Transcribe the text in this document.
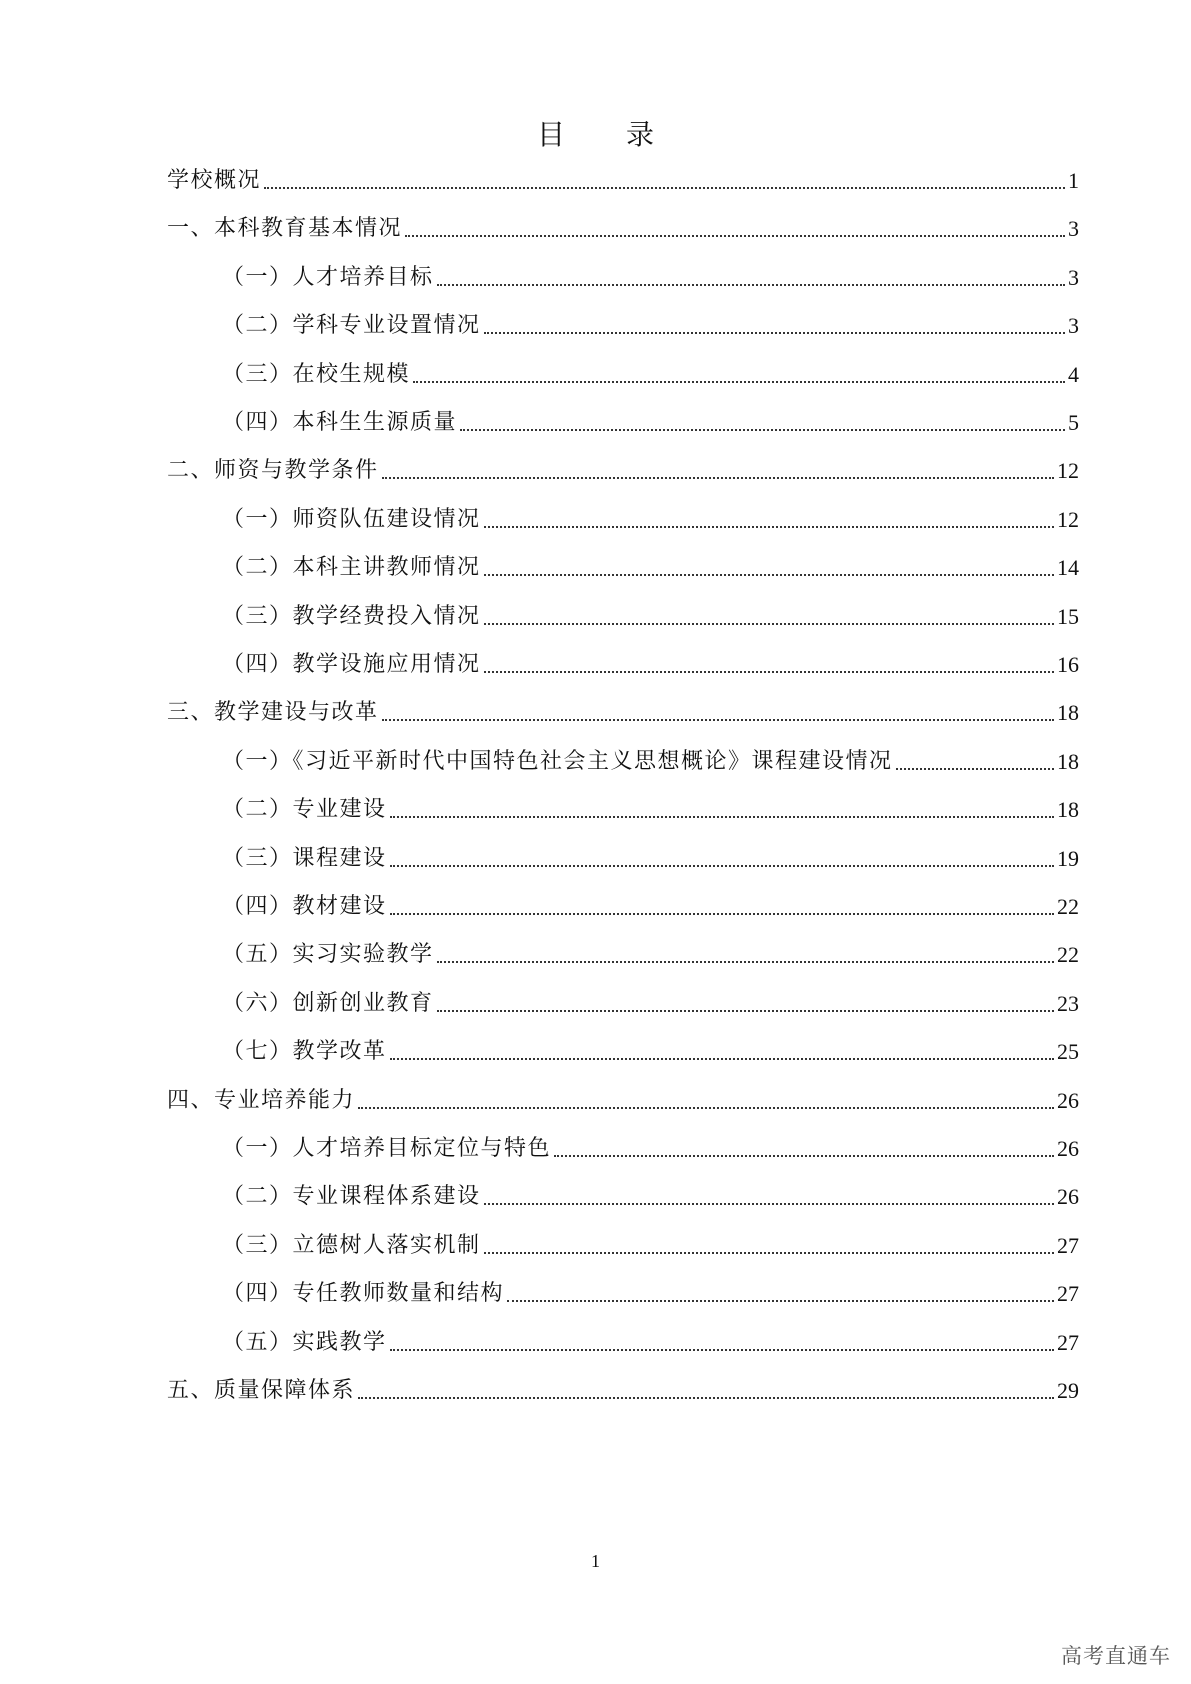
目 录
学校概况	1
一、本科教育基本情况	3
（一）人才培养目标	3
（二）学科专业设置情况	3
（三）在校生规模	4
（四）本科生生源质量	5
二、师资与教学条件	12
（一）师资队伍建设情况	12
（二）本科主讲教师情况	14
（三）教学经费投入情况	15
（四）教学设施应用情况	16
三、教学建设与改革	18
（一）《习近平新时代中国特色社会主义思想概论》课程建设情况	18
（二）专业建设	18
（三）课程建设	19
（四）教材建设	22
（五）实习实验教学	22
（六）创新创业教育	23
（七）教学改革	25
四、专业培养能力	26
（一）人才培养目标定位与特色	26
（二）专业课程体系建设	26
（三）立德树人落实机制	27
（四）专任教师数量和结构	27
（五）实践教学	27
五、质量保障体系	29
1
高考直通车
